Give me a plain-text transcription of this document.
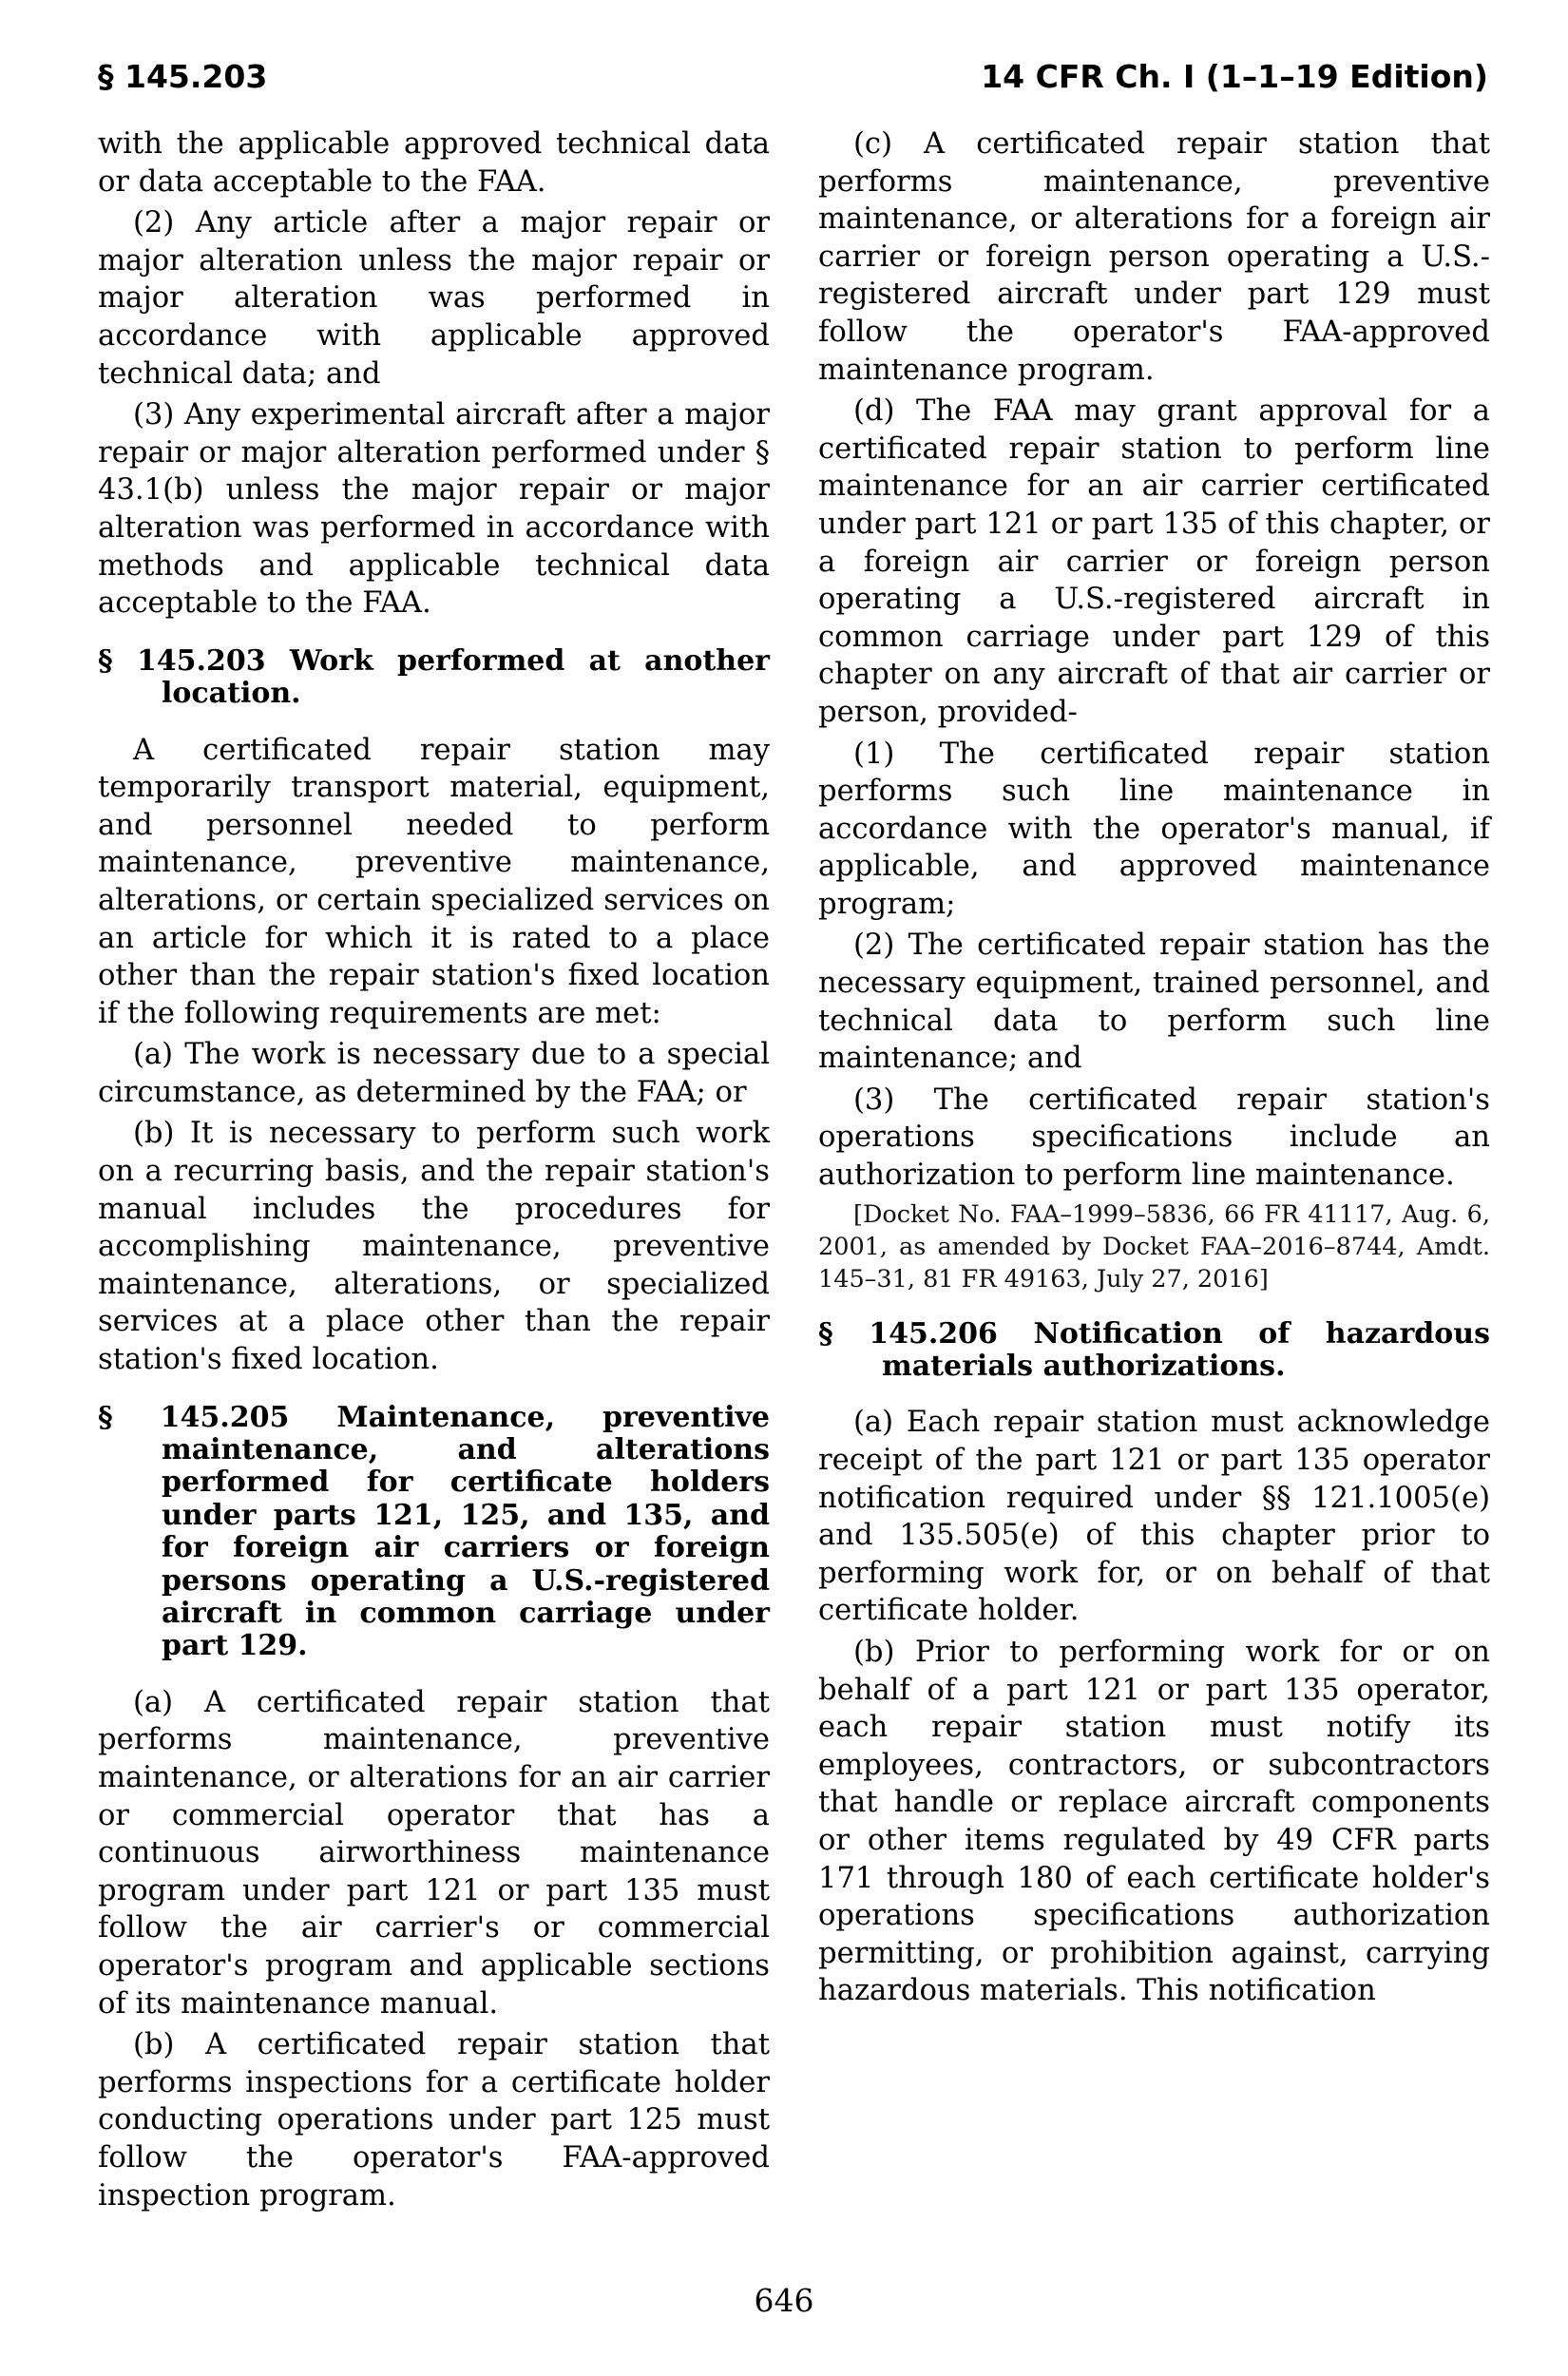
§ 145.203	14 CFR Ch. I (1–1–19 Edition)

with the applicable approved technical data or data acceptable to the FAA.

(2) Any article after a major repair or major alteration unless the major repair or major alteration was performed in accordance with applicable approved technical data; and

(3) Any experimental aircraft after a major repair or major alteration performed under § 43.1(b) unless the major repair or major alteration was performed in accordance with methods and applicable technical data acceptable to the FAA.

§ 145.203 Work performed at another location.

A certificated repair station may temporarily transport material, equipment, and personnel needed to perform maintenance, preventive maintenance, alterations, or certain specialized services on an article for which it is rated to a place other than the repair station's fixed location if the following requirements are met:

(a) The work is necessary due to a special circumstance, as determined by the FAA; or

(b) It is necessary to perform such work on a recurring basis, and the repair station's manual includes the procedures for accomplishing maintenance, preventive maintenance, alterations, or specialized services at a place other than the repair station's fixed location.

§ 145.205 Maintenance, preventive maintenance, and alterations performed for certificate holders under parts 121, 125, and 135, and for foreign air carriers or foreign persons operating a U.S.-registered aircraft in common carriage under part 129.

(a) A certificated repair station that performs maintenance, preventive maintenance, or alterations for an air carrier or commercial operator that has a continuous airworthiness maintenance program under part 121 or part 135 must follow the air carrier's or commercial operator's program and applicable sections of its maintenance manual.

(b) A certificated repair station that performs inspections for a certificate holder conducting operations under part 125 must follow the operator's FAA-approved inspection program.

(c) A certificated repair station that performs maintenance, preventive maintenance, or alterations for a foreign air carrier or foreign person operating a U.S.-registered aircraft under part 129 must follow the operator's FAA-approved maintenance program.

(d) The FAA may grant approval for a certificated repair station to perform line maintenance for an air carrier certificated under part 121 or part 135 of this chapter, or a foreign air carrier or foreign person operating a U.S.-registered aircraft in common carriage under part 129 of this chapter on any aircraft of that air carrier or person, provided-

(1) The certificated repair station performs such line maintenance in accordance with the operator's manual, if applicable, and approved maintenance program;

(2) The certificated repair station has the necessary equipment, trained personnel, and technical data to perform such line maintenance; and

(3) The certificated repair station's operations specifications include an authorization to perform line maintenance.

[Docket No. FAA–1999–5836, 66 FR 41117, Aug. 6, 2001, as amended by Docket FAA–2016–8744, Amdt. 145–31, 81 FR 49163, July 27, 2016]

§ 145.206 Notification of hazardous materials authorizations.

(a) Each repair station must acknowledge receipt of the part 121 or part 135 operator notification required under §§ 121.1005(e) and 135.505(e) of this chapter prior to performing work for, or on behalf of that certificate holder.

(b) Prior to performing work for or on behalf of a part 121 or part 135 operator, each repair station must notify its employees, contractors, or subcontractors that handle or replace aircraft components or other items regulated by 49 CFR parts 171 through 180 of each certificate holder's operations specifications authorization permitting, or prohibition against, carrying hazardous materials. This notification

646
